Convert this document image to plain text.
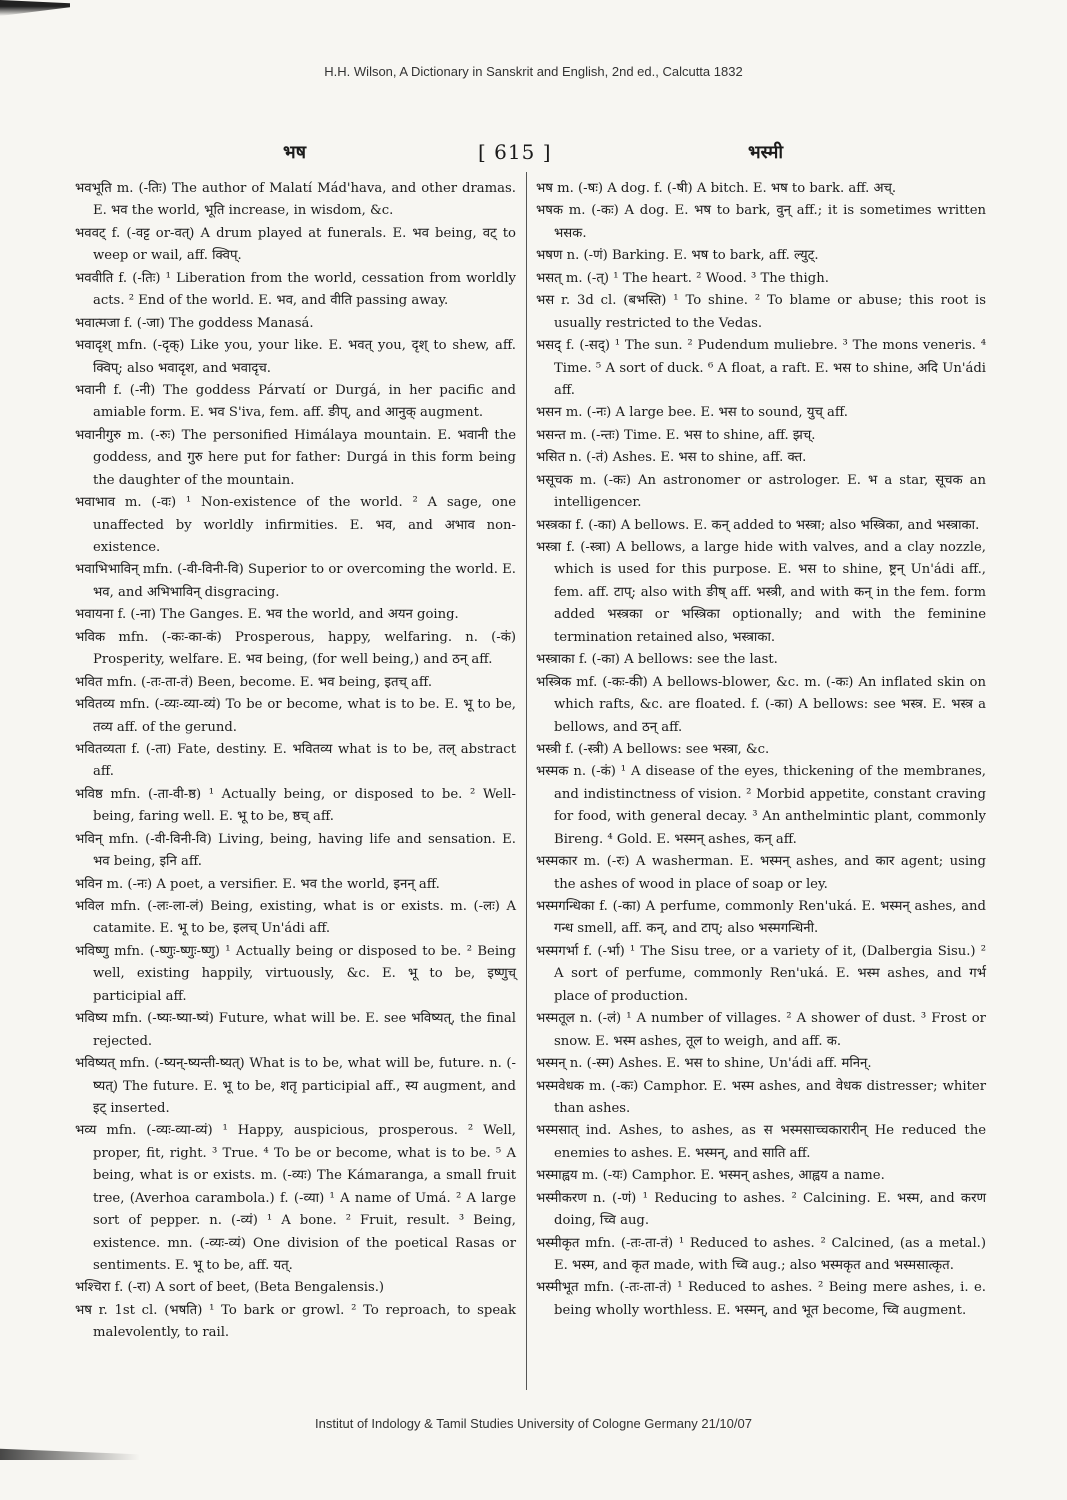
H.H. Wilson, A Dictionary in Sanskrit and English, 2nd ed., Calcutta 1832
भष	[ 615 ]	भस्मी

भवभूति m. (-तिः) The author of Malatí Mád'hava, and other dramas. E. भव the world, भूति increase, in wisdom, &c.

भववट् f. (-वट्ट or-वत्) A drum played at funerals. E. भव being, वट् to weep or wail, aff. क्विप्.

भववीति f. (-तिः) ¹ Liberation from the world, cessation from worldly acts. ² End of the world. E. भव, and वीति passing away.

भवात्मजा f. (-जा) The goddess Manasá.

भवादृश् mfn. (-दृक्) Like you, your like. E. भवत् you, दृश् to shew, aff. क्विप्; also भवादृश, and भवादृच.

भवानी f. (-नी) The goddess Párvatí or Durgá, in her pacific and amiable form. E. भव S'iva, fem. aff. ङीप्, and आनुक् augment.

भवानीगुरु m. (-रुः) The personified Himálaya mountain. E. भवानी the goddess, and गुरु here put for father: Durgá in this form being the daughter of the mountain.

भवाभाव m. (-वः) ¹ Non-existence of the world. ² A sage, one unaffected by worldly infirmities. E. भव, and अभाव non-existence.

भवाभिभाविन् mfn. (-वी-विनी-वि) Superior to or overcoming the world. E. भव, and अभिभाविन् disgracing.

भवायना f. (-ना) The Ganges. E. भव the world, and अयन going.

भविक mfn. (-कः-का-कं) Prosperous, happy, welfaring. n. (-कं) Prosperity, welfare. E. भव being, (for well being,) and ठन् aff.

भवित mfn. (-तः-ता-तं) Been, become. E. भव being, इतच् aff.

भवितव्य mfn. (-व्यः-व्या-व्यं) To be or become, what is to be. E. भू to be, तव्य aff. of the gerund.

भवितव्यता f. (-ता) Fate, destiny. E. भवितव्य what is to be, तल् abstract aff.

भविष्ठ mfn. (-ता-वी-ष्ठ) ¹ Actually being, or disposed to be. ² Well-being, faring well. E. भू to be, ष्ठच् aff.

भविन् mfn. (-वी-विनी-वि) Living, being, having life and sensation. E. भव being, इनि aff.

भविन m. (-नः) A poet, a versifier. E. भव the world, इनन् aff.

भविल mfn. (-लः-ला-लं) Being, existing, what is or exists. m. (-लः) A catamite. E. भू to be, इलच् Un'ádi aff.

भविष्णु mfn. (-ष्णुः-ष्णुः-ष्णु) ¹ Actually being or disposed to be. ² Being well, existing happily, virtuously, &c. E. भू to be, इष्णुच् participial aff.

भविष्य mfn. (-ष्यः-ष्या-ष्यं) Future, what will be. E. see भविष्यत्, the final rejected.

भविष्यत् mfn. (-ष्यन्-ष्यन्ती-ष्यत्) What is to be, what will be, future. n. (-ष्यत्) The future. E. भू to be, शतृ participial aff., स्य augment, and इट् inserted.

भव्य mfn. (-व्यः-व्या-व्यं) ¹ Happy, auspicious, prosperous. ² Well, proper, fit, right. ³ True. ⁴ To be or become, what is to be. ⁵ A being, what is or exists. m. (-व्यः) The Kámaranga, a small fruit tree, (Averhoa carambola.) f. (-व्या) ¹ A name of Umá. ² A large sort of pepper. n. (-व्यं) ¹ A bone. ² Fruit, result. ³ Being, existence. mn. (-व्यः-व्यं) One division of the poetical Rasas or sentiments. E. भू to be, aff. यत्.

भश्चिरा f. (-रा) A sort of beet, (Beta Bengalensis.)

भष r. 1st cl. (भषति) ¹ To bark or growl. ² To reproach, to speak malevolently, to rail.

भष m. (-षः) A dog. f. (-षी) A bitch. E. भष to bark. aff. अच्.

भषक m. (-कः) A dog. E. भष to bark, वुन् aff.; it is sometimes written भसक.

भषण n. (-णं) Barking. E. भष to bark, aff. ल्युट्.

भसत् m. (-त्) ¹ The heart. ² Wood. ³ The thigh.

भस r. 3d cl. (बभस्ति) ¹ To shine. ² To blame or abuse; this root is usually restricted to the Vedas.

भसद् f. (-सद्) ¹ The sun. ² Pudendum muliebre. ³ The mons veneris. ⁴ Time. ⁵ A sort of duck. ⁶ A float, a raft. E. भस to shine, अदि Un'ádi aff.

भसन m. (-नः) A large bee. E. भस to sound, युच् aff.

भसन्त m. (-न्तः) Time. E. भस to shine, aff. झच्.

भसित n. (-तं) Ashes. E. भस to shine, aff. क्त.

भसूचक m. (-कः) An astronomer or astrologer. E. भ a star, सूचक an intelligencer.

भस्त्रका f. (-का) A bellows. E. कन् added to भस्त्रा; also भस्त्रिका, and भस्त्राका.

भस्त्रा f. (-स्त्रा) A bellows, a large hide with valves, and a clay nozzle, which is used for this purpose. E. भस to shine, ष्ट्रन् Un'ádi aff., fem. aff. टाप्; also with ङीष् aff. भस्त्री, and with कन् in the fem. form added भस्त्रका or भस्त्रिका optionally; and with the feminine termination retained also, भस्त्राका.

भस्त्राका f. (-का) A bellows: see the last.

भस्त्रिक mf. (-कः-की) A bellows-blower, &c. m. (-कः) An inflated skin on which rafts, &c. are floated. f. (-का) A bellows: see भस्त्र. E. भस्त्र a bellows, and ठन् aff.

भस्त्री f. (-स्त्री) A bellows: see भस्त्रा, &c.

भस्मक n. (-कं) ¹ A disease of the eyes, thickening of the membranes, and indistinctness of vision. ² Morbid appetite, constant craving for food, with general decay. ³ An anthelmintic plant, commonly Bireng. ⁴ Gold. E. भस्मन् ashes, कन् aff.

भस्मकार m. (-रः) A washerman. E. भस्मन् ashes, and कार agent; using the ashes of wood in place of soap or ley.

भस्मगन्धिका f. (-का) A perfume, commonly Ren'uká. E. भस्मन् ashes, and गन्ध smell, aff. कन्, and टाप्; also भस्मगन्धिनी.

भस्मगर्भा f. (-र्भा) ¹ The Sisu tree, or a variety of it, (Dalbergia Sisu.) ² A sort of perfume, commonly Ren'uká. E. भस्म ashes, and गर्भ place of production.

भस्मतूल n. (-लं) ¹ A number of villages. ² A shower of dust. ³ Frost or snow. E. भस्म ashes, तूल to weigh, and aff. क.

भस्मन् n. (-स्म) Ashes. E. भस to shine, Un'ádi aff. मनिन्.

भस्मवेधक m. (-कः) Camphor. E. भस्म ashes, and वेधक distresser; whiter than ashes.

भस्मसात् ind. Ashes, to ashes, as स भस्मसाच्चकारारीन् He reduced the enemies to ashes. E. भस्मन्, and साति aff.

भस्माह्वय m. (-यः) Camphor. E. भस्मन् ashes, आह्वय a name.

भस्मीकरण n. (-णं) ¹ Reducing to ashes. ² Calcining. E. भस्म, and करण doing, च्वि aug.

भस्मीकृत mfn. (-तः-ता-तं) ¹ Reduced to ashes. ² Calcined, (as a metal.) E. भस्म, and कृत made, with च्वि aug.; also भस्मकृत and भस्मसात्कृत.

भस्मीभूत mfn. (-तः-ता-तं) ¹ Reduced to ashes. ² Being mere ashes, i. e. being wholly worthless. E. भस्मन्, and भूत become, च्वि augment.

Institut of Indology & Tamil Studies University of Cologne Germany 21/10/07
